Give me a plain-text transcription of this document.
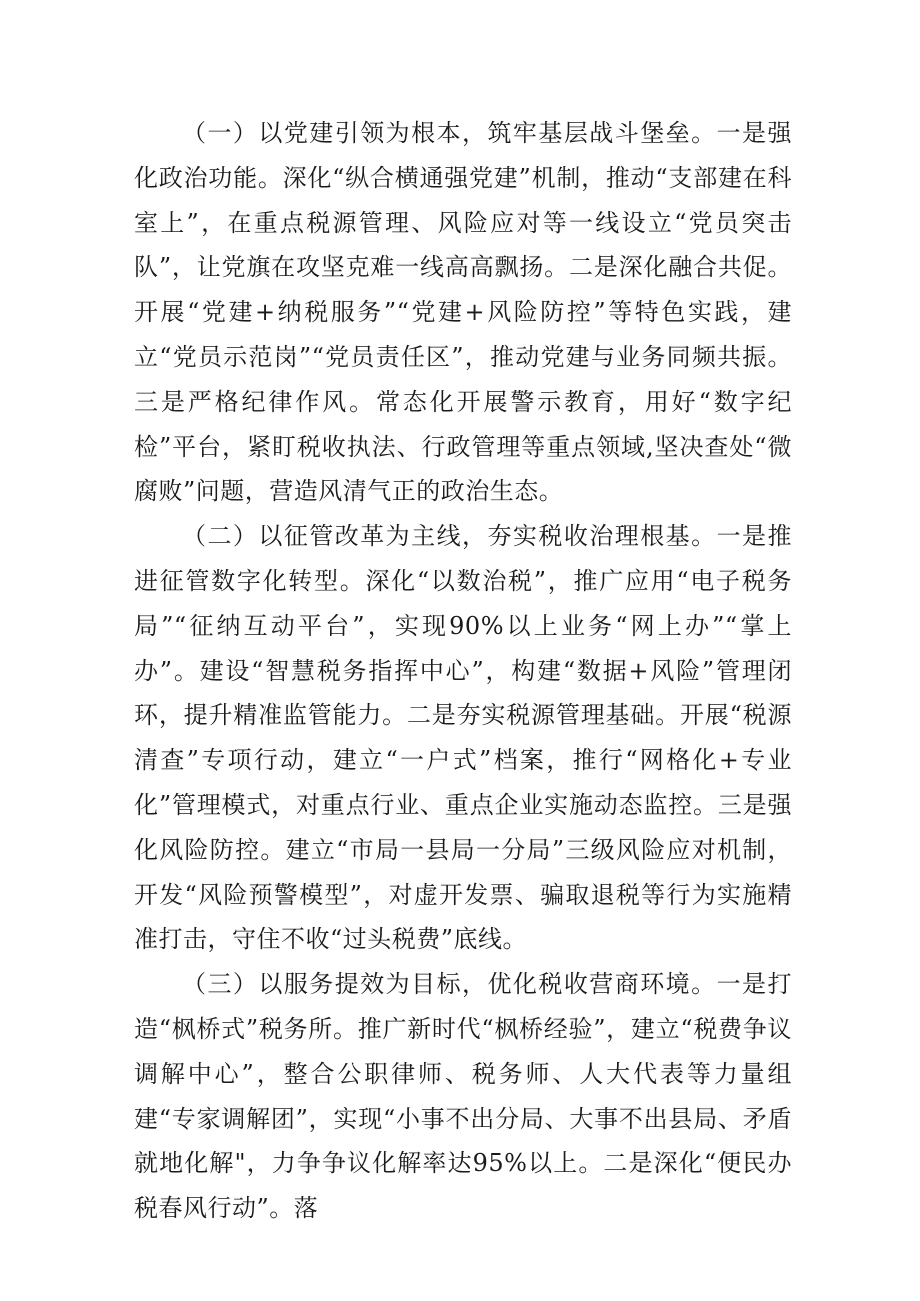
（一）以党建引领为根本，筑牢基层战斗堡垒。一是强化政治功能。深化“纵合横通强党建”机制，推动“支部建在科室上”，在重点税源管理、风险应对等一线设立“党员突击队”，让党旗在攻坚克难一线高高飘扬。二是深化融合共促。开展“党建+纳税服务”“党建+风险防控”等特色实践，建立“党员示范岗”“党员责任区”，推动党建与业务同频共振。三是严格纪律作风。常态化开展警示教育，用好“数字纪检”平台，紧盯税收执法、行政管理等重点领域,坚决查处“微腐败”问题，营造风清气正的政治生态。

（二）以征管改革为主线，夯实税收治理根基。一是推进征管数字化转型。深化“以数治税”，推广应用“电子税务局”“征纳互动平台”，实现90%以上业务“网上办”“掌上办”。建设“智慧税务指挥中心”，构建“数据+风险”管理闭环，提升精准监管能力。二是夯实税源管理基础。开展“税源清查”专项行动，建立“一户式”档案，推行“网格化+专业化”管理模式，对重点行业、重点企业实施动态监控。三是强化风险防控。建立“市局一县局一分局”三级风险应对机制，开发“风险预警模型”，对虚开发票、骗取退税等行为实施精准打击，守住不收“过头税费”底线。

（三）以服务提效为目标，优化税收营商环境。一是打造“枫桥式”税务所。推广新时代“枫桥经验”，建立“税费争议调解中心”，整合公职律师、税务师、人大代表等力量组建“专家调解团”，实现“小事不出分局、大事不出县局、矛盾就地化解"，力争争议化解率达95%以上。二是深化“便民办税春风行动”。落
